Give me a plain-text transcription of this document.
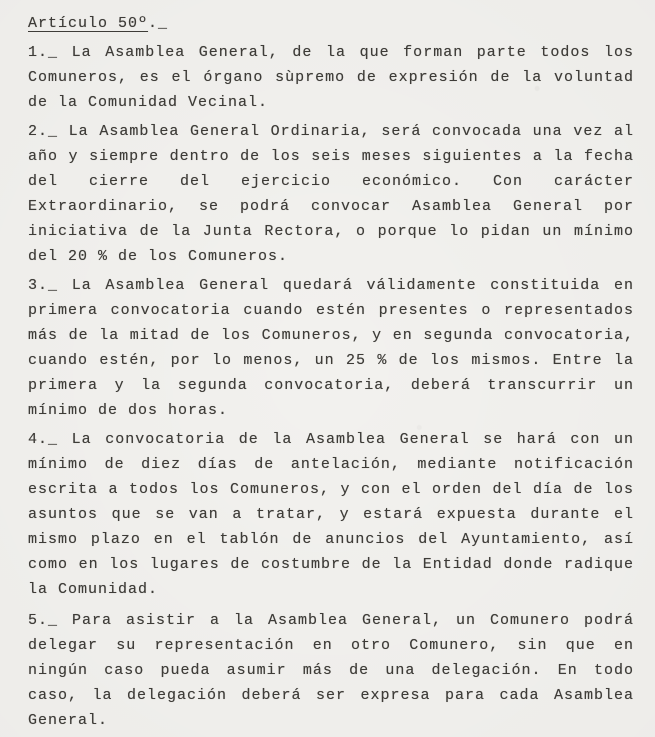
Artículo 50º._
1._ La Asamblea General, de la que forman parte todos los
Comuneros, es el órgano sùpremo de expresión de la voluntad
de la Comunidad Vecinal.
2._ La Asamblea General Ordinaria, será convocada una vez al
año y siempre dentro de los seis meses siguientes a la fecha
del cierre del ejercicio económico. Con carácter
Extraordinario, se podrá convocar Asamblea General por
iniciativa de la Junta Rectora, o porque lo pidan un mínimo
del 20 % de los Comuneros.
3._ La Asamblea General quedará válidamente constituida en
primera convocatoria cuando estén presentes o representados
más de la mitad de los Comuneros, y en segunda convocatoria,
cuando estén, por lo menos, un 25 % de los mismos. Entre la
primera y la segunda convocatoria, deberá transcurrir un
mínimo de dos horas.
4._ La convocatoria de la Asamblea General se hará con un
mínimo de diez días de antelación, mediante notificación
escrita a todos los Comuneros, y con el orden del día de los
asuntos que se van a tratar, y estará expuesta durante el
mismo plazo en el tablón de anuncios del Ayuntamiento, así
como en los lugares de costumbre de la Entidad donde radique
la Comunidad.
5._ Para asistir a la Asamblea General, un Comunero podrá
delegar su representación en otro Comunero, sin que en
ningún caso pueda asumir más de una delegación. En todo
caso, la delegación deberá ser expresa para cada Asamblea
General.
